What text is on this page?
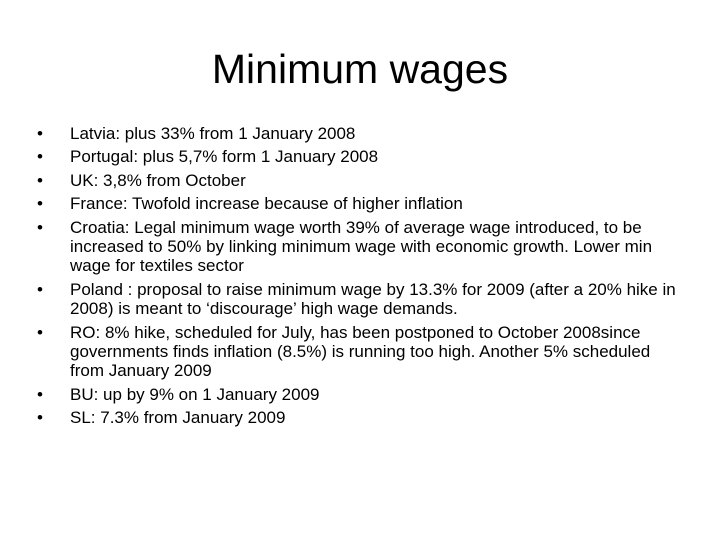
Minimum wages
•	Latvia: plus 33% from 1 January 2008
•	Portugal: plus 5,7% form 1 January 2008
•	UK: 3,8% from October
•	France: Twofold increase because of higher inflation
•	Croatia: Legal minimum wage worth 39% of average wage introduced, to be increased to 50% by linking minimum wage with economic growth. Lower min wage for textiles sector
•	Poland : proposal to raise minimum wage by 13.3% for 2009 (after a 20% hike in 2008) is meant to ‘discourage’ high wage demands.
•	RO: 8% hike, scheduled for July, has been postponed to October 2008since governments finds inflation (8.5%) is running too high. Another 5% scheduled from January 2009
•	BU: up by 9% on 1 January 2009
•	SL: 7.3% from January 2009
